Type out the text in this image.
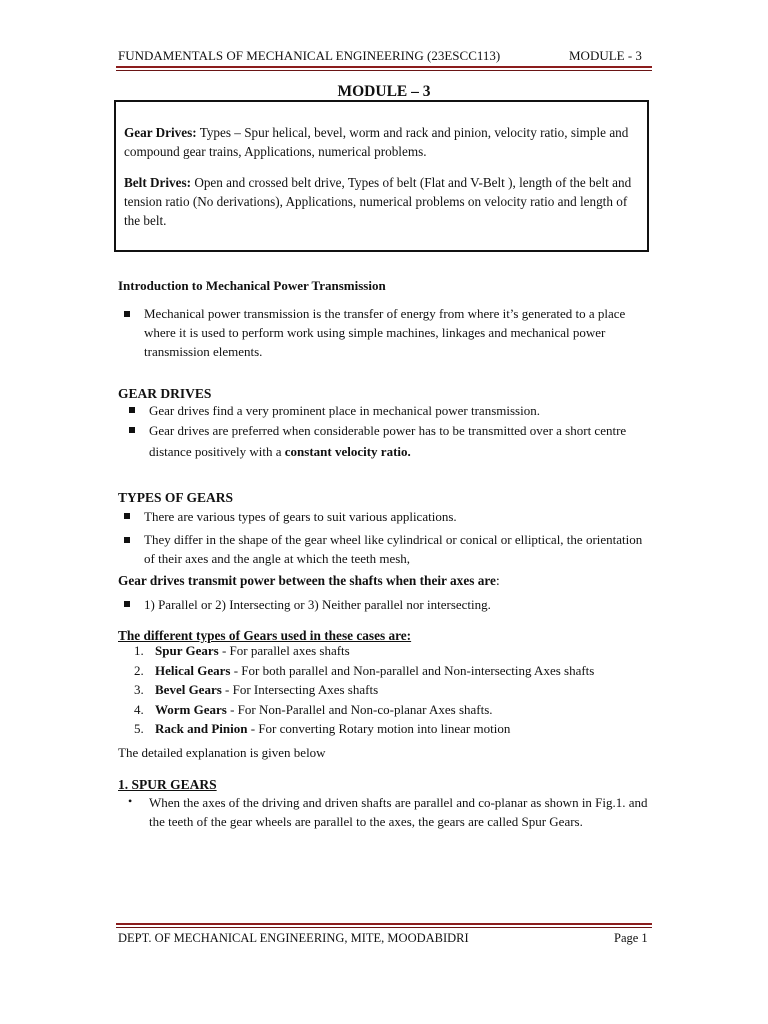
FUNDAMENTALS OF MECHANICAL ENGINEERING (23ESCC113)	MODULE - 3
MODULE – 3
Gear Drives: Types – Spur helical, bevel, worm and rack and pinion, velocity ratio, simple and compound gear trains, Applications, numerical problems.
Belt Drives: Open and crossed belt drive, Types of belt (Flat and V-Belt ), length of the belt and tension ratio (No derivations), Applications, numerical problems on velocity ratio and length of the belt.
Introduction to Mechanical Power Transmission
Mechanical power transmission is the transfer of energy from where it’s generated to a place where it is used to perform work using simple machines, linkages and mechanical power transmission elements.
GEAR DRIVES
Gear drives find a very prominent place in mechanical power transmission.
Gear drives are preferred when considerable power has to be transmitted over a short centre distance positively with a constant velocity ratio.
TYPES OF GEARS
There are various types of gears to suit various applications.
They differ in the shape of the gear wheel like cylindrical or conical or elliptical, the orientation of their axes and the angle at which the teeth mesh,
Gear drives transmit power between the shafts when their axes are:
1) Parallel or 2) Intersecting or 3) Neither parallel nor intersecting.
The different types of Gears used in these cases are:
1. Spur Gears - For parallel axes shafts
2. Helical Gears - For both parallel and Non-parallel and Non-intersecting Axes shafts
3. Bevel Gears - For Intersecting Axes shafts
4. Worm Gears - For Non-Parallel and Non-co-planar Axes shafts.
5. Rack and Pinion - For converting Rotary motion into linear motion
The detailed explanation is given below
1. SPUR GEARS
• When the axes of the driving and driven shafts are parallel and co-planar as shown in Fig.1. and the teeth of the gear wheels are parallel to the axes, the gears are called Spur Gears.
DEPT. OF MECHANICAL ENGINEERING, MITE, MOODABIDRI	Page 1
